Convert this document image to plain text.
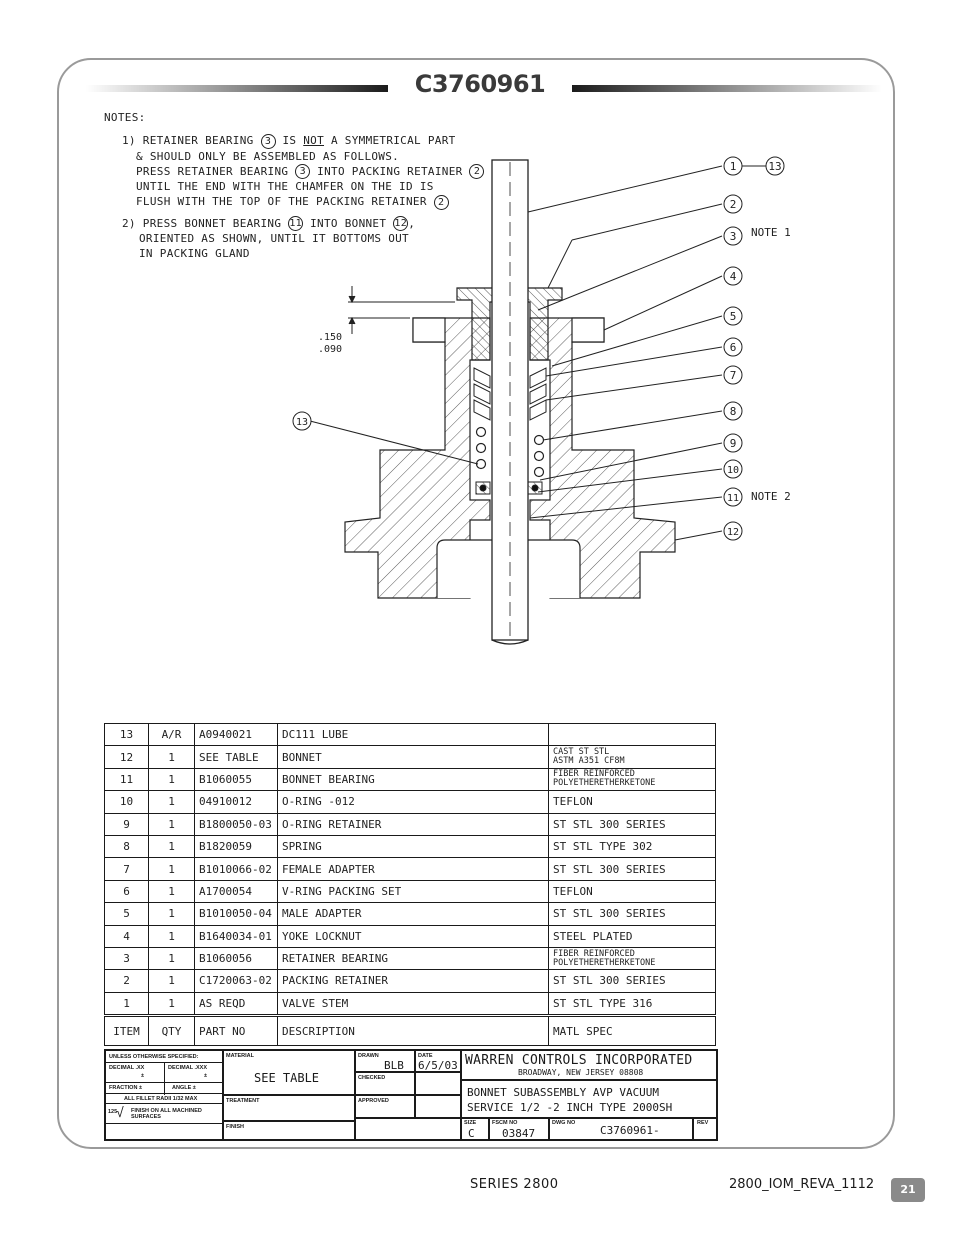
C3760961
NOTES:
1) RETAINER BEARING 3 IS NOT A SYMMETRICAL PART
& SHOULD ONLY BE ASSEMBLED AS FOLLOWS.
PRESS RETAINER BEARING 3 INTO PACKING RETAINER 2
UNTIL THE END WITH THE CHAMFER ON THE ID IS
FLUSH WITH THE TOP OF THE PACKING RETAINER 2
2) PRESS BONNET BEARING 11 INTO BONNET 12,
ORIENTED AS SHOWN, UNTIL IT BOTTOMS OUT
IN PACKING GLAND
.150
.090
1	13
2
3
4
5
6
7
8
9
10
11
12
13
NOTE 1
NOTE 2
13	A/R	A0940021	DC111 LUBE	
12	1	SEE TABLE	BONNET	CAST ST STL
ASTM A351 CF8M

11	1	B1060055	BONNET BEARING	FIBER REINFORCED
POLYETHERETHERKETONE

10	1	04910012	O-RING -012	TEFLON
9	1	B1800050-03	O-RING RETAINER	ST STL 300 SERIES
8	1	B1820059	SPRING	ST STL TYPE 302
7	1	B1010066-02	FEMALE ADAPTER	ST STL 300 SERIES
6	1	A1700054	V-RING PACKING SET	TEFLON
5	1	B1010050-04	MALE ADAPTER	ST STL 300 SERIES
4	1	B1640034-01	YOKE LOCKNUT	STEEL PLATED
3	1	B1060056	RETAINER BEARING	FIBER REINFORCED
POLYETHERETHERKETONE

2	1	C1720063-02	PACKING RETAINER	ST STL 300 SERIES
1	1	AS REQD	VALVE STEM	ST STL TYPE 316
ITEM	QTY	PART NO	DESCRIPTION	MATL SPEC
UNLESS OTHERWISE SPECIFIED:
DECIMAL .XX
±
DECIMAL .XXX
±
FRACTION ±	ANGLE ±
ALL FILLET RADII 1/32 MAX
125
√ FINISH ON ALL MACHINED SURFACES
MATERIAL
SEE TABLE
TREATMENT
FINISH
DRAWN
BLB
DATE
6/5/03
CHECKED
APPROVED
WARREN CONTROLS INCORPORATED
BROADWAY, NEW JERSEY 08808
BONNET SUBASSEMBLY AVP VACUUM
SERVICE 1/2 -2 INCH TYPE 2000SH
SIZE
C
FSCM NO
03847
DWG NO
C3760961-
REV
SERIES 2800	2800_IOM_REVA_1112	21
